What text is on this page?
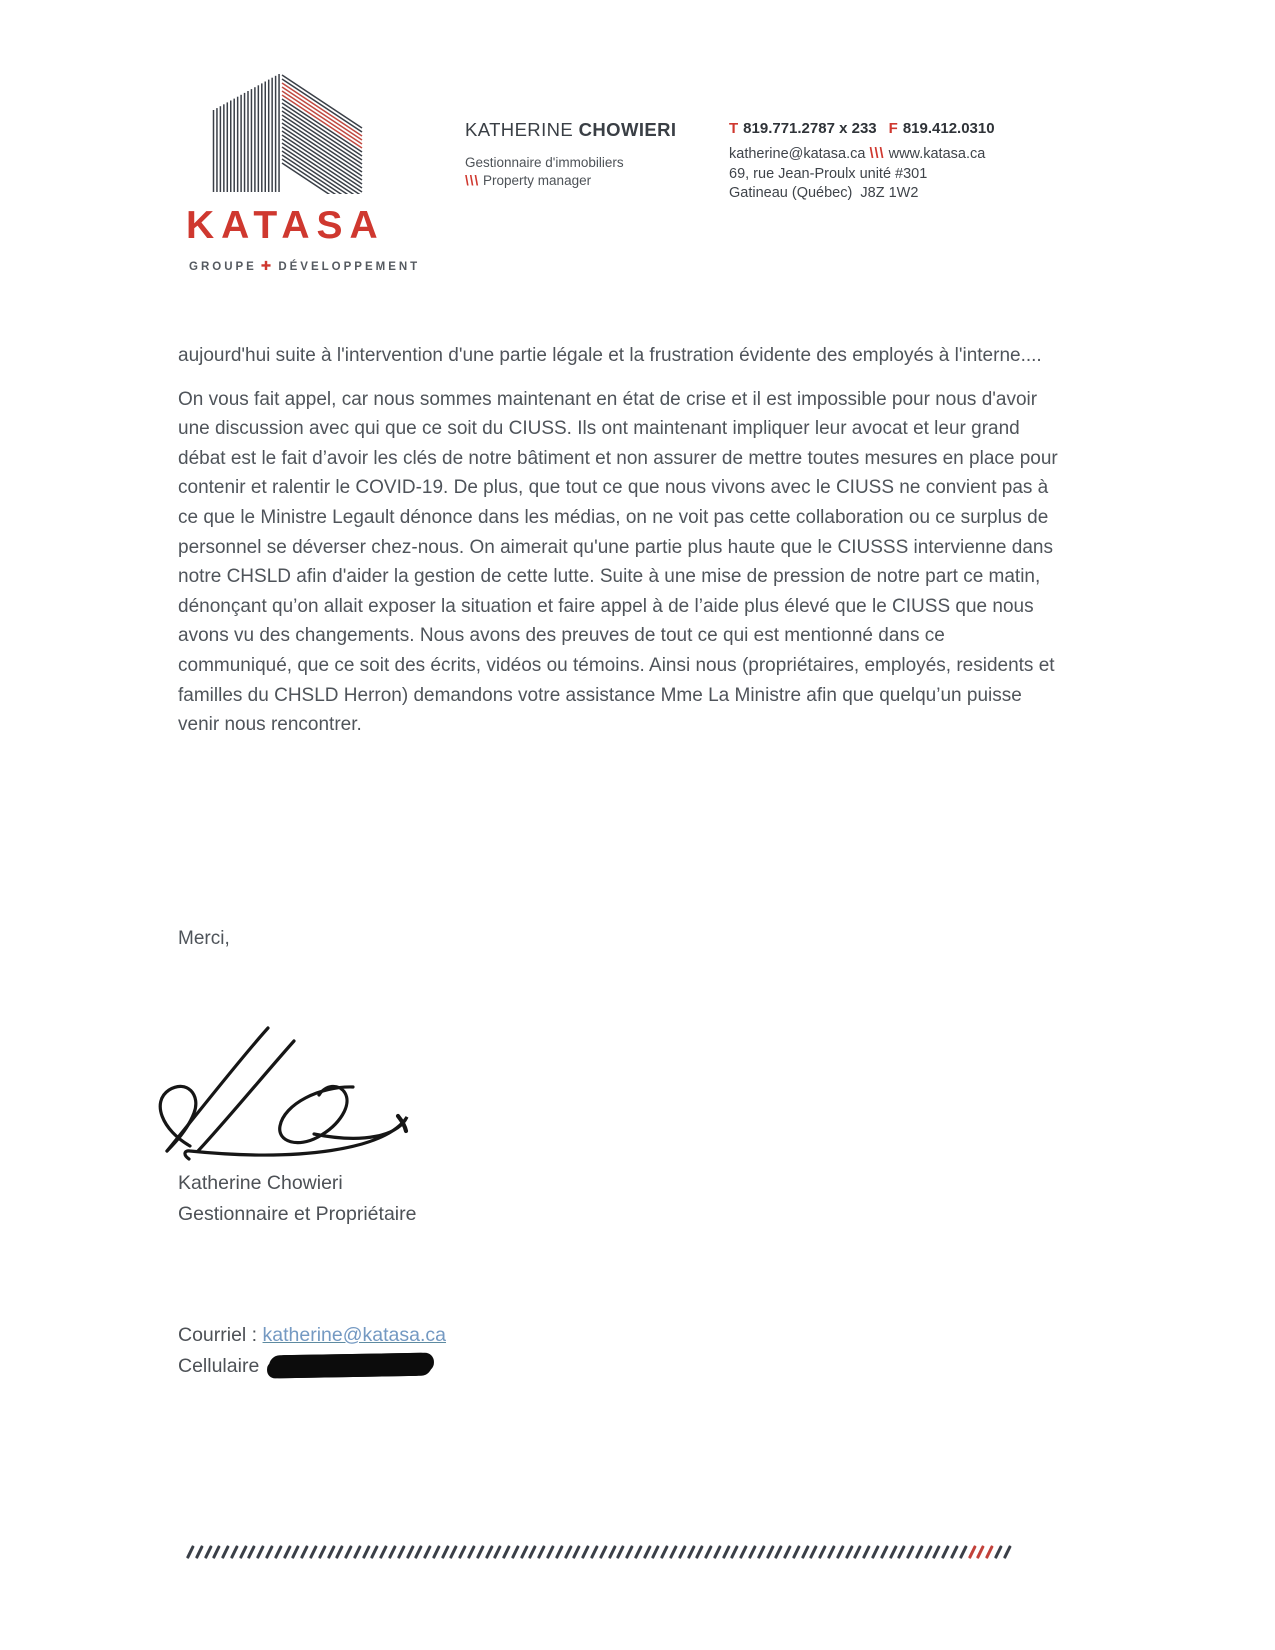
KATASA
GROUPE ✚ DÉVELOPPEMENT
KATHERINE CHOWIERI
Gestionnaire d'immobiliers
\\\ Property manager
T 819.771.2787 x 233 F 819.412.0310
katherine@katasa.ca \\\ www.katasa.ca
69, rue Jean-Proulx unité #301
Gatineau (Québec)  J8Z 1W2

aujourd'hui suite à l'intervention d'une partie légale et la frustration évidente des employés à l'interne....

On vous fait appel, car nous sommes maintenant en état de crise et il est impossible pour nous d'avoir une discussion avec qui que ce soit du CIUSS. Ils ont maintenant impliquer leur avocat et leur grand débat est le fait d’avoir les clés de notre bâtiment et non assurer de mettre toutes mesures en place pour contenir et ralentir le COVID-19. De plus, que tout ce que nous vivons avec le CIUSS ne convient pas à ce que le Ministre Legault dénonce dans les médias, on ne voit pas cette collaboration ou ce surplus de personnel se déverser chez-nous. On aimerait qu'une partie plus haute que le CIUSSS intervienne dans notre CHSLD afin d'aider la gestion de cette lutte. Suite à une mise de pression de notre part ce matin, dénonçant qu’on allait exposer la situation et faire appel à de l’aide plus élevé que le CIUSS que nous avons vu des changements. Nous avons des preuves de tout ce qui est mentionné dans ce communiqué, que ce soit des écrits, vidéos ou témoins. Ainsi nous (propriétaires, employés, residents et familles du CHSLD Herron) demandons votre assistance Mme La Ministre afin que quelqu’un puisse venir nous rencontrer.

Merci,
Katherine Chowieri
Gestionnaire et Propriétaire
Courriel : katherine@katasa.ca
Cellulaire
